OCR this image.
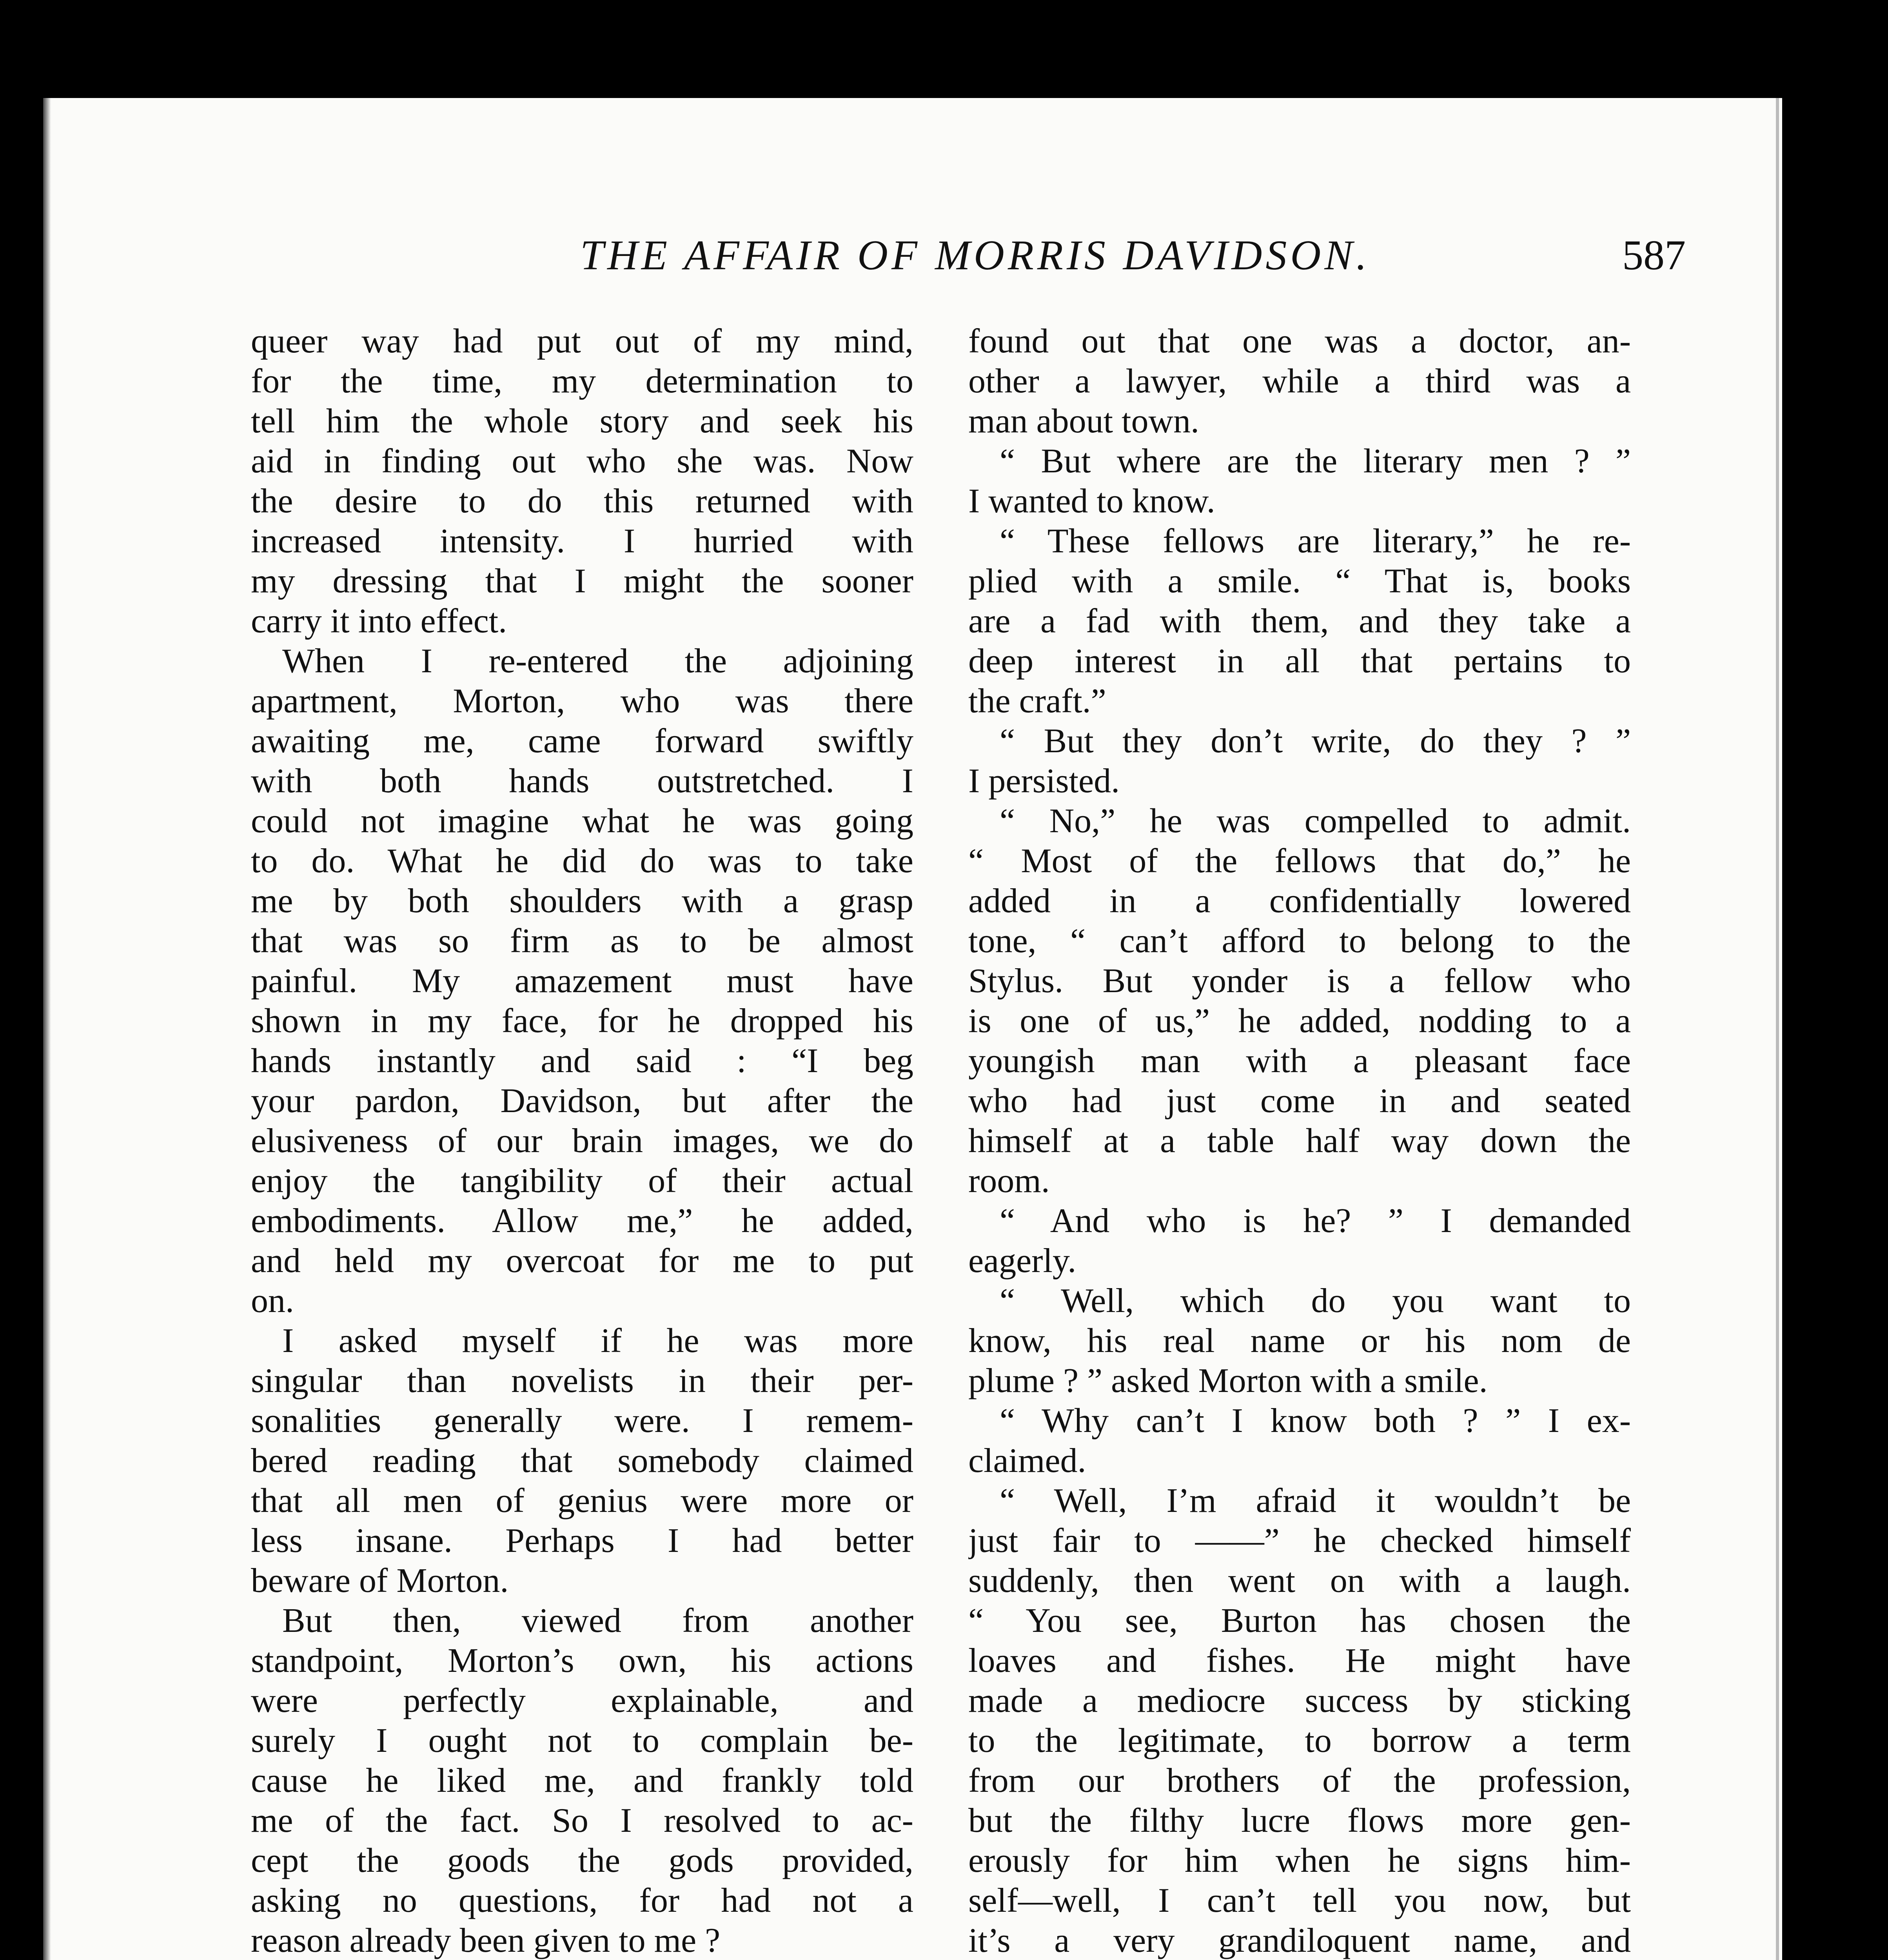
THE AFFAIR OF MORRIS DAVIDSON.	587
queer way had put out of my mind,
for the time, my determination to
tell him the whole story and seek his
aid in finding out who she was. Now
the desire to do this returned with
increased intensity. I hurried with
my dressing that I might the sooner
carry it into effect.
When I re-entered the adjoining
apartment, Morton, who was there
awaiting me, came forward swiftly
with both hands outstretched. I
could not imagine what he was going
to do. What he did do was to take
me by both shoulders with a grasp
that was so firm as to be almost
painful. My amazement must have
shown in my face, for he dropped his
hands instantly and said : “I beg
your pardon, Davidson, but after the
elusiveness of our brain images, we do
enjoy the tangibility of their actual
embodiments. Allow me,” he added,
and held my overcoat for me to put
on.
I asked myself if he was more
singular than novelists in their per-
sonalities generally were. I remem-
bered reading that somebody claimed
that all men of genius were more or
less insane. Perhaps I had better
beware of Morton.
But then, viewed from another
standpoint, Morton’s own, his actions
were perfectly explainable, and
surely I ought not to complain be-
cause he liked me, and frankly told
me of the fact. So I resolved to ac-
cept the goods the gods provided,
asking no questions, for had not a
reason already been given to me ?
found out that one was a doctor, an-
other a lawyer, while a third was a
man about town.
“ But where are the literary men ? ”
I wanted to know.
“ These fellows are literary,” he re-
plied with a smile. “ That is, books
are a fad with them, and they take a
deep interest in all that pertains to
the craft.”
“ But they don’t write, do they ? ”
I persisted.
“ No,” he was compelled to admit.
“ Most of the fellows that do,” he
added in a confidentially lowered
tone, “ can’t afford to belong to the
Stylus. But yonder is a fellow who
is one of us,” he added, nodding to a
youngish man with a pleasant face
who had just come in and seated
himself at a table half way down the
room.
“ And who is he? ” I demanded
eagerly.
“ Well, which do you want to
know, his real name or his nom de
plume ? ” asked Morton with a smile.
“ Why can’t I know both ? ” I ex-
claimed.
“ Well, I’m afraid it wouldn’t be
just fair to ——” he checked himself
suddenly, then went on with a laugh.
“ You see, Burton has chosen the
loaves and fishes. He might have
made a mediocre success by sticking
to the legitimate, to borrow a term
from our brothers of the profession,
but the filthy lucre flows more gen-
erously for him when he signs him-
self—well, I can’t tell you now, but
it’s a very grandiloquent name, and
